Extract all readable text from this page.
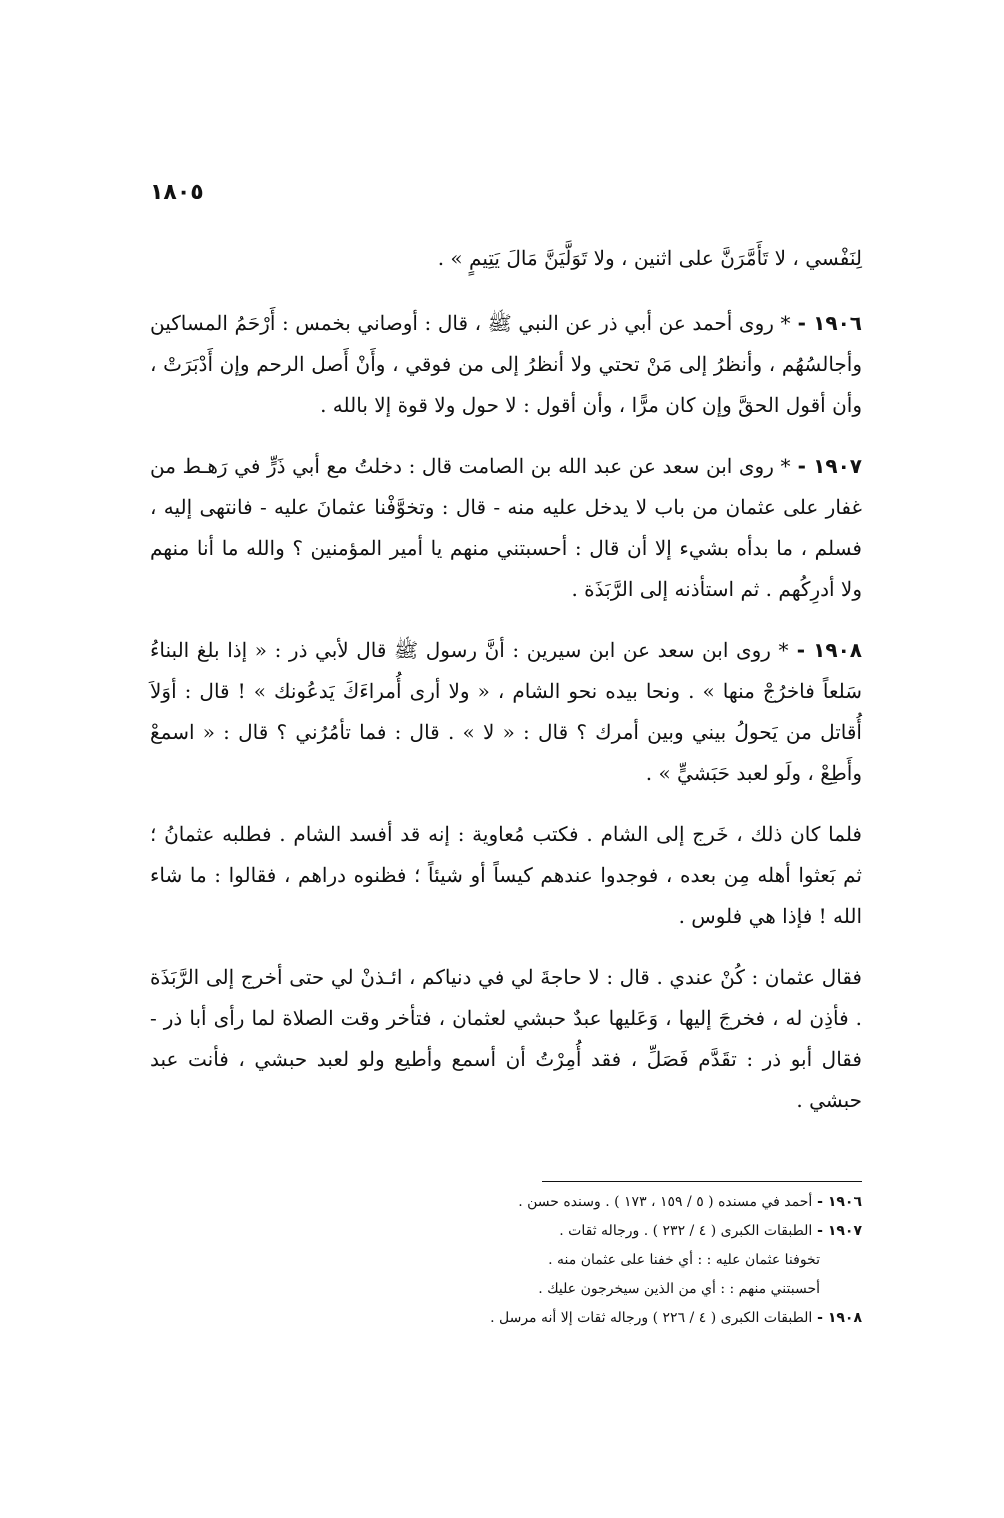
١٨٠٥

لِنَفْسي ، لا تَأَمَّرَنَّ على اثنين ، ولا تَوَلَّيَنَّ مَالَ يَتِيمٍ » .

١٩٠٦ - * روى أحمد عن أبي ذر عن النبي ﷺ ، قال : أوصاني بخمس : أَرْحَمُ المساكين وأجالسُهُم ، وأنظرُ إلى مَنْ تحتي ولا أنظرُ إلى من فوقي ، وأَنْ أَصل الرحم وإن أَدْبَرَتْ ، وأن أقول الحقَّ وإن كان مرًّا ، وأن أقول : لا حول ولا قوة إلا بالله .

١٩٠٧ - * روى ابن سعد عن عبد الله بن الصامت قال : دخلتُ مع أبي ذَرٍّ في رَهـط من غفار على عثمان من باب لا يدخل عليه منه - قال : وتخوَّفْنا عثمانَ عليه - فانتهى إليه ، فسلم ، ما بدأه بشيء إلا أن قال : أحسبتني منهم يا أمير المؤمنين ؟ والله ما أنا منهم ولا أدرِكُهم . ثم استأذنه إلى الرَّبَذَة .

١٩٠٨ - * روى ابن سعد عن ابن سيرين : أنَّ رسول ﷺ قال لأبي ذر : « إذا بلغ البناءُ سَلعاً فاخرُجْ منها » . ونحا بيده نحو الشام ، « ولا أرى أُمراءَكَ يَدعُونك » ! قال : أوَلاَ أُقاتل من يَحولُ بيني وبين أمرك ؟ قال : « لا » . قال : فما تأمُرُني ؟ قال : « اسمعْ وأَطِعْ ، ولَو لعبد حَبَشيٍّ » .

فلما كان ذلك ، خَرج إلى الشام . فكتب مُعاوية : إنه قد أفسد الشام . فطلبه عثمانُ ؛ ثم بَعثوا أهله مِن بعده ، فوجدوا عندهم كيساً أو شيئاً ؛ فظنوه دراهم ، فقالوا : ما شاء الله ! فإذا هي فلوس .

فقال عثمان : كُنْ عندي . قال : لا حاجةَ لي في دنياكم ، ائـذنْ لي حتى أخرج إلى الرَّبَذَة . فأذِن له ، فخرجَ إليها ، وَعَليها عبدٌ حبشي لعثمان ، فتأخر وقت الصلاة لما رأى أبا ذر - فقال أبو ذر : تقَدَّم فَصَلِّ ، فقد أُمِرْتُ أن أسمع وأطيع ولو لعبد حبشي ، فأنت عبد حبشي .

١٩٠٦ - أحمد في مسنده ( ٥ / ١٥٩ ، ١٧٣ ) . وسنده حسن .

١٩٠٧ - الطبقات الكبرى ( ٤ / ٢٣٢ ) . ورجاله ثقات .

تخوفنا عثمان عليه : : أي خفنا على عثمان منه .

أحسبتني منهم : : أي من الذين سيخرجون عليك .

١٩٠٨ - الطبقات الكبرى ( ٤ / ٢٢٦ ) ورجاله ثقات إلا أنه مرسل .
